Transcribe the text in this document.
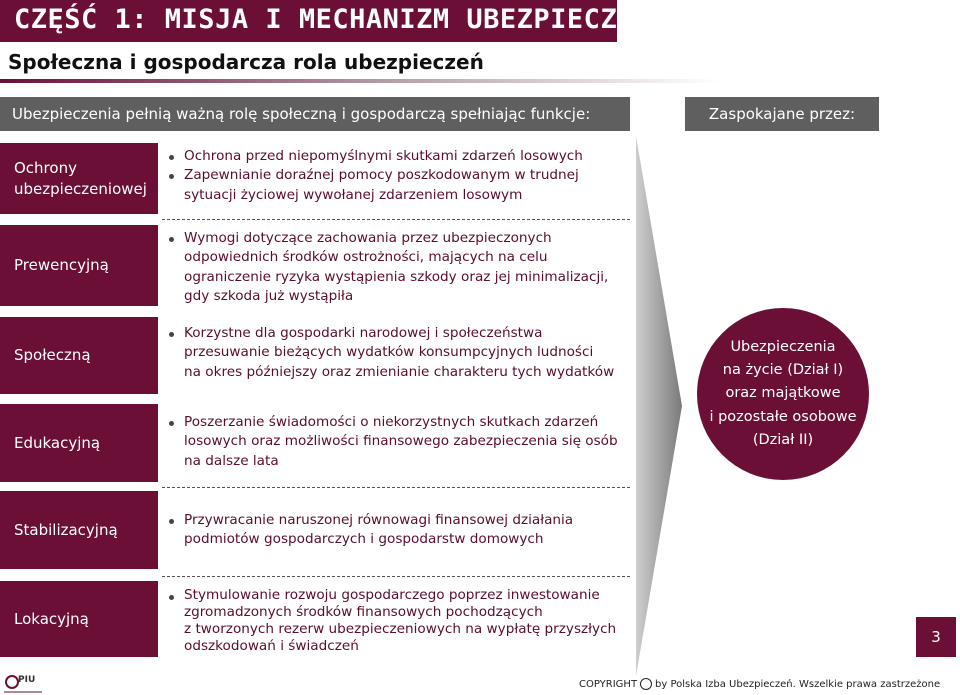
CZĘŚĆ 1: MISJA I MECHANIZM UBEZPIECZEŃ
Społeczna i gospodarcza rola ubezpieczeń
Ubezpieczenia pełnią ważną rolę społeczną i gospodarczą spełniając funkcje:	Zaspokajane przez:
Ochrony
ubezpieczeniowej
Prewencyjną
Społeczną
Edukacyjną
Stabilizacyjną
Lokacyjną
Ochrona przed niepomyślnymi skutkami zdarzeń losowych
Zapewnianie doraźnej pomocy poszkodowanym w trudnej
sytuacji życiowej wywołanej zdarzeniem losowym
Wymogi dotyczące zachowania przez ubezpieczonych
odpowiednich środków ostrożności, mających na celu
ograniczenie ryzyka wystąpienia szkody oraz jej minimalizacji,
gdy szkoda już wystąpiła
Korzystne dla gospodarki narodowej i społeczeństwa
przesuwanie bieżących wydatków konsumpcyjnych ludności
na okres późniejszy oraz zmienianie charakteru tych wydatków
Poszerzanie świadomości o niekorzystnych skutkach zdarzeń
losowych oraz możliwości finansowego zabezpieczenia się osób
na dalsze lata
Przywracanie naruszonej równowagi finansowej działania
podmiotów gospodarczych i gospodarstw domowych
Stymulowanie rozwoju gospodarczego poprzez inwestowanie
zgromadzonych środków finansowych pochodzących
z tworzonych rezerw ubezpieczeniowych na wypłatę przyszłych
odszkodowań i świadczeń
Ubezpieczenia
na życie (Dział I)
oraz majątkowe
i pozostałe osobowe
(Dział II)
3
PIU	COPYRIGHT by Polska Izba Ubezpieczeń. Wszelkie prawa zastrzeżone
